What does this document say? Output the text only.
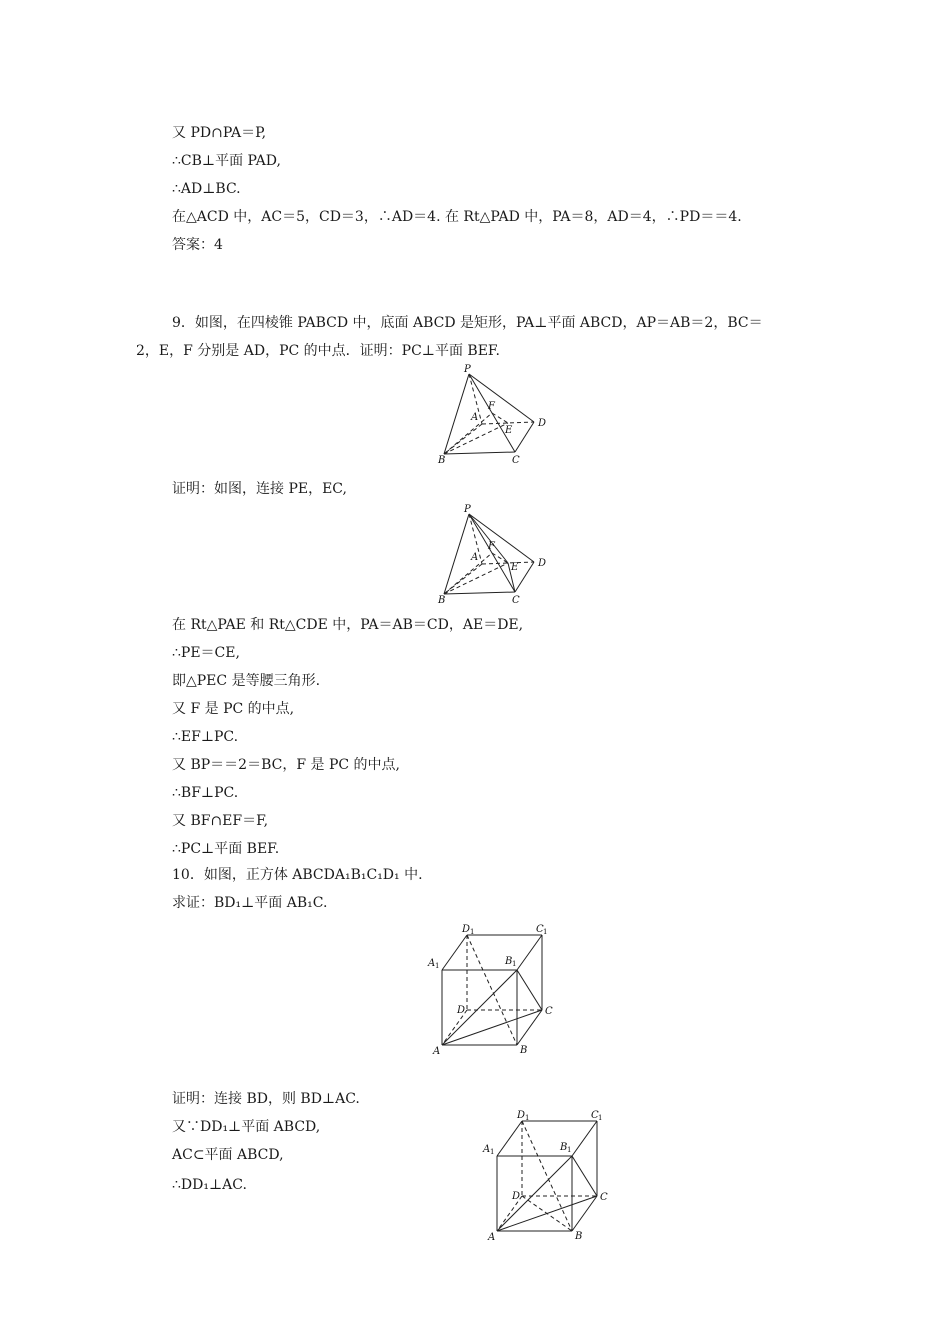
又 PD∩PA＝P,
∴CB⊥平面 PAD,
∴AD⊥BC.
在△ACD 中，AC＝5，CD＝3，∴AD＝4. 在 Rt△PAD 中，PA＝8，AD＝4，∴PD＝＝4.
答案：4
9．如图，在四棱锥 PABCD 中，底面 ABCD 是矩形，PA⊥平面 ABCD，AP＝AB＝2，BC＝
2，E，F 分别是 AD，PC 的中点．证明：PC⊥平面 BEF.
P
A
F
E
D
B	C
证明：如图，连接 PE，EC,
P
A
F
E D
B	C
在 Rt△PAE 和 Rt△CDE 中，PA＝AB＝CD，AE＝DE,
∴PE＝CE,
即△PEC 是等腰三角形.
又 F 是 PC 的中点,
∴EF⊥PC.
又 BP＝＝2＝BC，F 是 PC 的中点,
∴BF⊥PC.
又 BF∩EF＝F,
∴PC⊥平面 BEF.
10．如图，正方体 ABCDA₁B₁C₁D₁ 中.
求证：BD₁⊥平面 AB₁C.
D 1	C 1
A 1	B 1
D	C
A	B
证明：连接 BD，则 BD⊥AC.
又∵DD₁⊥平面 ABCD,
AC⊂平面 ABCD,
∴DD₁⊥AC.
D 1	C 1
A 1	B 1
D	C
A	B
